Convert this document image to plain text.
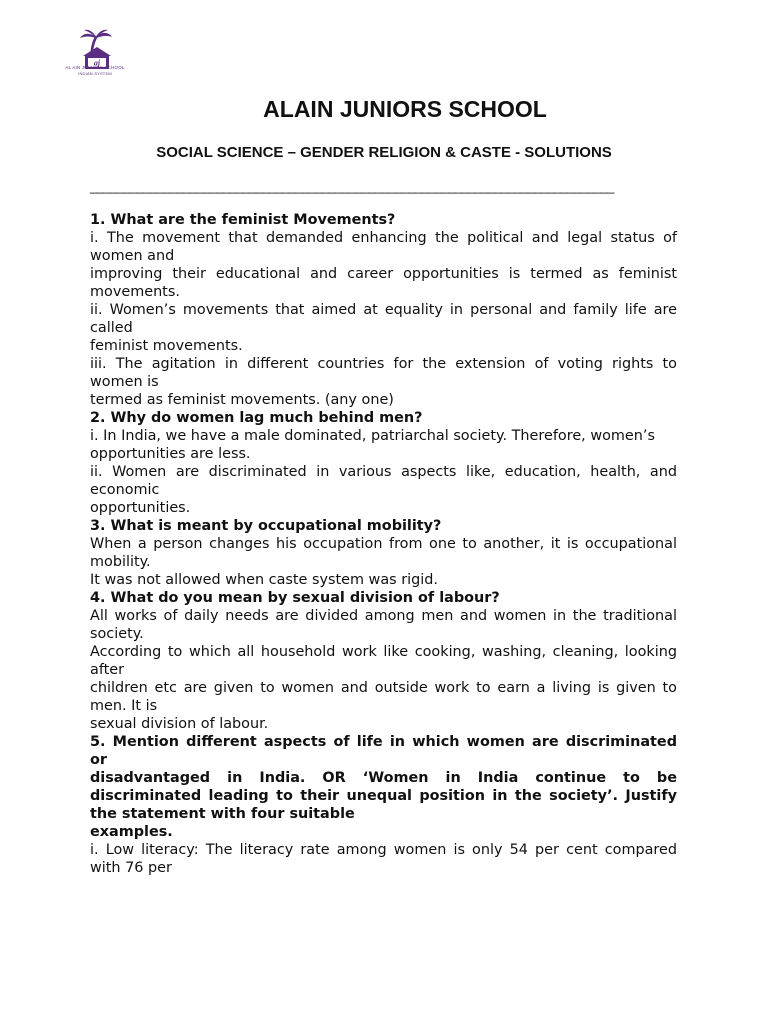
aj
AL AIN JUNIORS SCHOOL
INDIAN SYSTEM
ALAIN JUNIORS SCHOOL
SOCIAL SCIENCE – GENDER RELIGION & CASTE - SOLUTIONS
_______________________________________________________________________________

1. What are the feminist Movements?

i. The movement that demanded enhancing the political and legal status of women and

improving their educational and career opportunities is termed as feminist movements.

ii. Women’s movements that aimed at equality in personal and family life are called

feminist movements.

iii. The agitation in different countries for the extension of voting rights to women is

termed as feminist movements. (any one)

2. Why do women lag much behind men?

i. In India, we have a male dominated, patriarchal society. Therefore, women’s

opportunities are less.

ii. Women are discriminated in various aspects like, education, health, and economic

opportunities.

3. What is meant by occupational mobility?

When a person changes his occupation from one to another, it is occupational mobility.

It was not allowed when caste system was rigid.

4. What do you mean by sexual division of labour?

All works of daily needs are divided among men and women in the traditional society.

According to which all household work like cooking, washing, cleaning, looking after

children etc are given to women and outside work to earn a living is given to men. It is

sexual division of labour.

5. Mention different aspects of life in which women are discriminated or

disadvantaged in India. OR ‘Women in India continue to be discriminated leading to their unequal position in the society’. Justify the statement with four suitable

examples.

i. Low literacy: The literacy rate among women is only 54 per cent compared with 76 per
